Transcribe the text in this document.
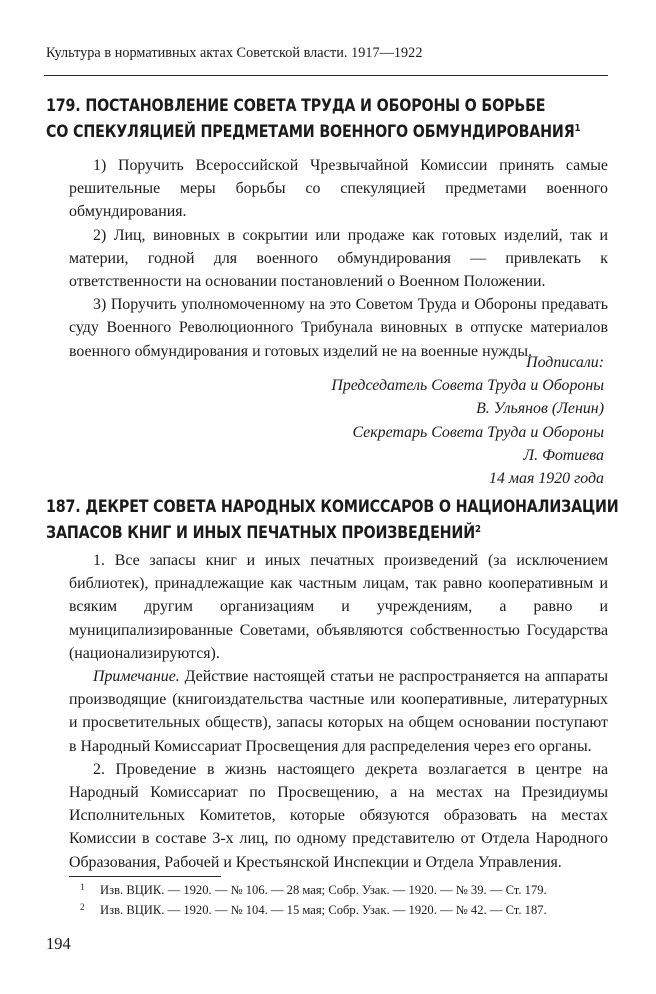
Культура в нормативных актах Советской власти. 1917—1922
179. ПОСТАНОВЛЕНИЕ СОВЕТА ТРУДА И ОБОРОНЫ О БОРЬБЕ
СО СПЕКУЛЯЦИЕЙ ПРЕДМЕТАМИ ВОЕННОГО ОБМУНДИРОВАНИЯ$^1$

1) Поручить Всероссийской Чрезвычайной Комиссии принять самые решительные меры борьбы со спекуляцией предметами военного обмундирования.

2) Лиц, виновных в сокрытии или продаже как готовых изделий, так и материи, годной для военного обмундирования — привлекать к ответственности на основании постановлений о Военном Положении.

3) Поручить уполномоченному на это Советом Труда и Обороны предавать суду Военного Революционного Трибунала виновных в отпуске материалов военного обмундирования и готовых изделий не на военные нужды.

Подписали:
Председатель Совета Труда и Обороны
В. Ульянов (Ленин)
Секретарь Совета Труда и Обороны
Л. Фотиева
14 мая 1920 года
187. ДЕКРЕТ СОВЕТА НАРОДНЫХ КОМИССАРОВ О НАЦИОНАЛИЗАЦИИ
ЗАПАСОВ КНИГ И ИНЫХ ПЕЧАТНЫХ ПРОИЗВЕДЕНИЙ$^2$

1. Все запасы книг и иных печатных произведений (за исключением библиотек), принадлежащие как частным лицам, так равно кооперативным и всяким другим организациям и учреждениям, а равно и муниципализированные Советами, объявляются собственностью Государства (национализируются).

Примечание. Действие настоящей статьи не распространяется на аппараты производящие (книгоиздательства частные или кооперативные, литературных и просветительных обществ), запасы которых на общем основании поступают в Народный Комиссариат Просвещения для распределения через его органы.

2. Проведение в жизнь настоящего декрета возлагается в центре на Народный Комиссариат по Просвещению, а на местах на Президиумы Исполнительных Комитетов, которые обязуются образовать на местах Комиссии в составе 3-х лиц, по одному представителю от Отдела Народного Образования, Рабочей и Крестьянской Инспекции и Отдела Управления.

1 Изв. ВЦИК. — 1920. — № 106. — 28 мая; Собр. Узак. — 1920. — № 39. — Ст. 179.
2 Изв. ВЦИК. — 1920. — № 104. — 15 мая; Собр. Узак. — 1920. — № 42. — Ст. 187.
194
